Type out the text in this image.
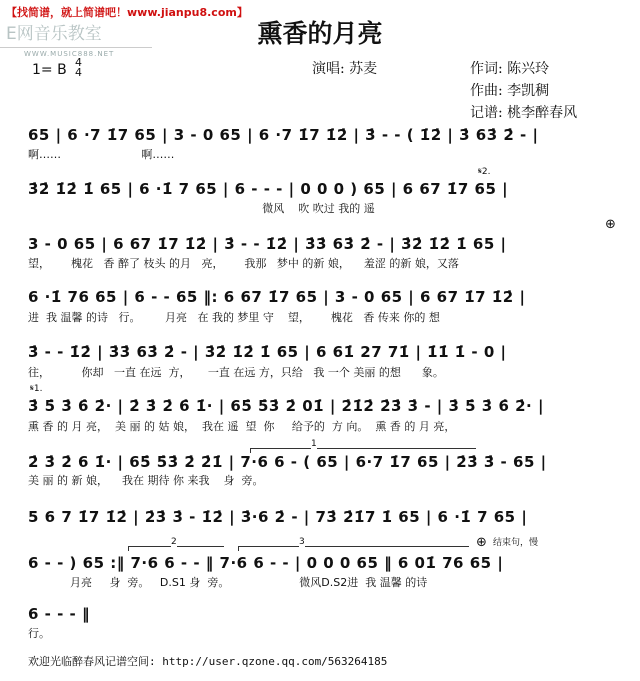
【找简谱，就上简谱吧！www.jianpu8.com】
E网音乐教室
WWW.MUSIC888.NET
熏香的月亮
1= B 4
4	演唱: 苏麦	作词: 陈兴玲
作曲: 李凯稠
记谱: 桃李醉春风
65 | 6 ·7 1̇7 65 | 3 - 0 65 | 6 ·7 1̇7 1̇2̇ | 3̇ - - ( 1̇2̇ | 3̇ 63̇ 2̇ - |
啊……                       啊……
3̇2̇ 1̇2̇ 1̇ 65 | 6 ·1̇ 7 65 | 6 - - - | 0 0 0 ) 65 | 6 67 1̇7 65 |
微风    吹 吹过 我的 遥
3 - 0 65 | 6 67 1̇7 1̇2̇ | 3̇ - - 1̇2̇ | 3̇3̇ 63̇ 2̇ - | 3̇2̇ 1̇2̇ 1̇ 65 |
望，      槐花   香 醉了 枝头 的月   亮，      我那   梦中 的新 娘，    羞涩 的新 娘，又落
6 ·1̇ 76 65 | 6 - - 65 ‖: 6 67 1̇7 65 | 3 - 0 65 | 6 67 1̇7 1̇2̇ |
进  我 温馨 的诗   行。       月亮   在 我的 梦里 守    望，      槐花   香 传来 你的 想
3̇ - - 1̇2̇ | 3̇3̇ 63̇ 2̇ - | 3̇2̇ 1̇2̇ 1̇ 65 | 6 61̇ 27 71̇ | 1̇1̇ 1̇ - 0 |
往，         你却   一直 在远  方，     一直 在远 方，只给   我 一个 美丽 的想      象。
3̇ 5̇ 3̇ 6̇ 2̇· | 2̇ 3̇ 2̇ 6̇ 1̇· | 65̇ 5̇3̇ 2̇ 01̇ | 2̇1̇2̇ 2̇3̇ 3̇ - | 3̇ 5̇ 3̇ 6̇ 2̇· |
熏 香 的 月 亮，  美 丽 的 姑 娘，  我在 遥  望  你     给予的  方 向。  熏 香 的 月 亮，
2̇ 3̇ 2̇ 6 1̇· | 65̇ 5̇3̇ 2̇ 2̇1̇ | 7·6 6 - ( 65 | 6·7 1̇7 65 | 2̇3̇ 3̇ - 65 |
美 丽 的 新 娘，    我在 期待 你 来我    身  旁。
5 6 7 1̇7 1̇2̇ | 2̇3̇ 3̇ - 1̇2̇ | 3̇·6 2̇ - | 73̇ 2̇1̇7 1̇ 65 | 6 ·1̇ 7 65 |
6 - - ) 65 :‖ 7·6 6 - - ‖ 7·6 6 - - | 0 0 0 65 ‖ 6 01̇ 76 65 |
月亮     身  旁。   D.S1 身  旁。                    微风D.S2进  我 温馨 的诗
6 - - - ‖
行。
𝄋2.
𝄋1.
⊕
⊕ 结束句，慢
1
2	3
欢迎光临醉春风记谱空间: http://user.qzone.qq.com/563264185
